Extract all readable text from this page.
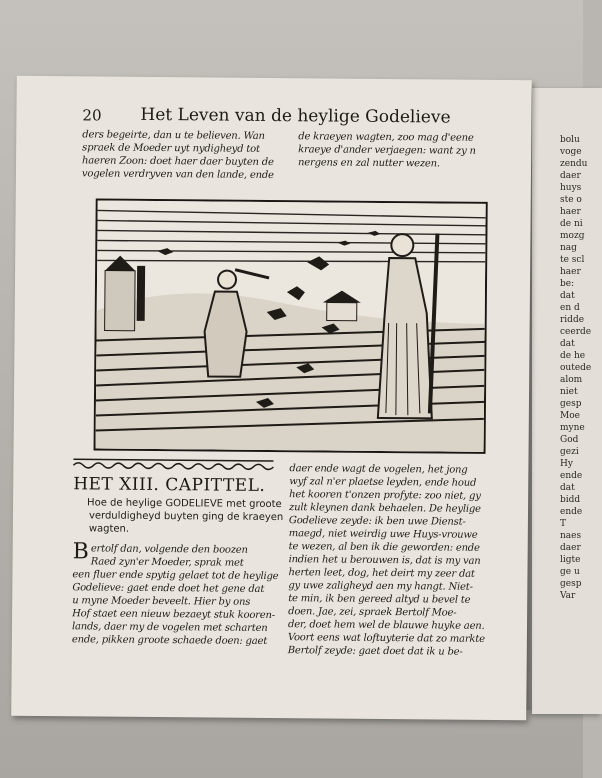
bolu
voge
zendu
daer
huys
ste o
haer
de ni
mozg
nag
te scl
haer
be:
dat
en d
ridde
ceerde
dat
de he
outede
alom
niet
gesp
Moe
myne
God
gezi
Hy
ende
dat
bidd
ende
T
naes
daer
ligte
ge u
gesp
Var
20 Het Leven van de heylige Godelieve
ders begeirte, dan u te believen. Wan
spraek de Moeder uyt nydigheyd tot
haeren Zoon: doet haer daer buyten de
vogelen verdryven van den lande, ende
de kraeyen wagten, zoo mag d'eene
kraeye d'ander verjaegen: want zy n
nergens en zal nutter wezen.
HET XIII. CAPITTEL.
Hoe de heylige GODELIEVE met groote
verduldigheyd buyten ging de kraeyen
wagten.
B ertolf dan, volgende den boozen
Raed zyn'er Moeder, sprak met
een fluer ende spytig gelaet tot de heylige
Godelieve: gaet ende doet het gene dat
u myne Moeder beveelt. Hier by ons
Hof staet een nieuw bezaeyt stuk kooren-
lands, daer my de vogelen met scharten
ende, pikken groote schaede doen: gaet
daer ende wagt de vogelen, het jong
wyf zal n'er plaetse leyden, ende houd
het kooren t'onzen profyte: zoo niet, gy
zult kleynen dank behaelen. De heylige
Godelieve zeyde: ik ben uwe Dienst-
maegd, niet weirdig uwe Huys-vrouwe
te wezen, al ben ik die geworden: ende
indien het u berouwen is, dat is my van
herten leet, dog, het deirt my zeer dat
gy uwe zaligheyd aen my hangt. Niet-
te min, ik ben gereed altyd u bevel te
doen. Jae, zei, spraek Bertolf Moe-
der, doet hem wel de blauwe huyke aen.
Voort eens wat loftuyterie dat zo markte
Bertolf zeyde: gaet doet dat ik u be-
